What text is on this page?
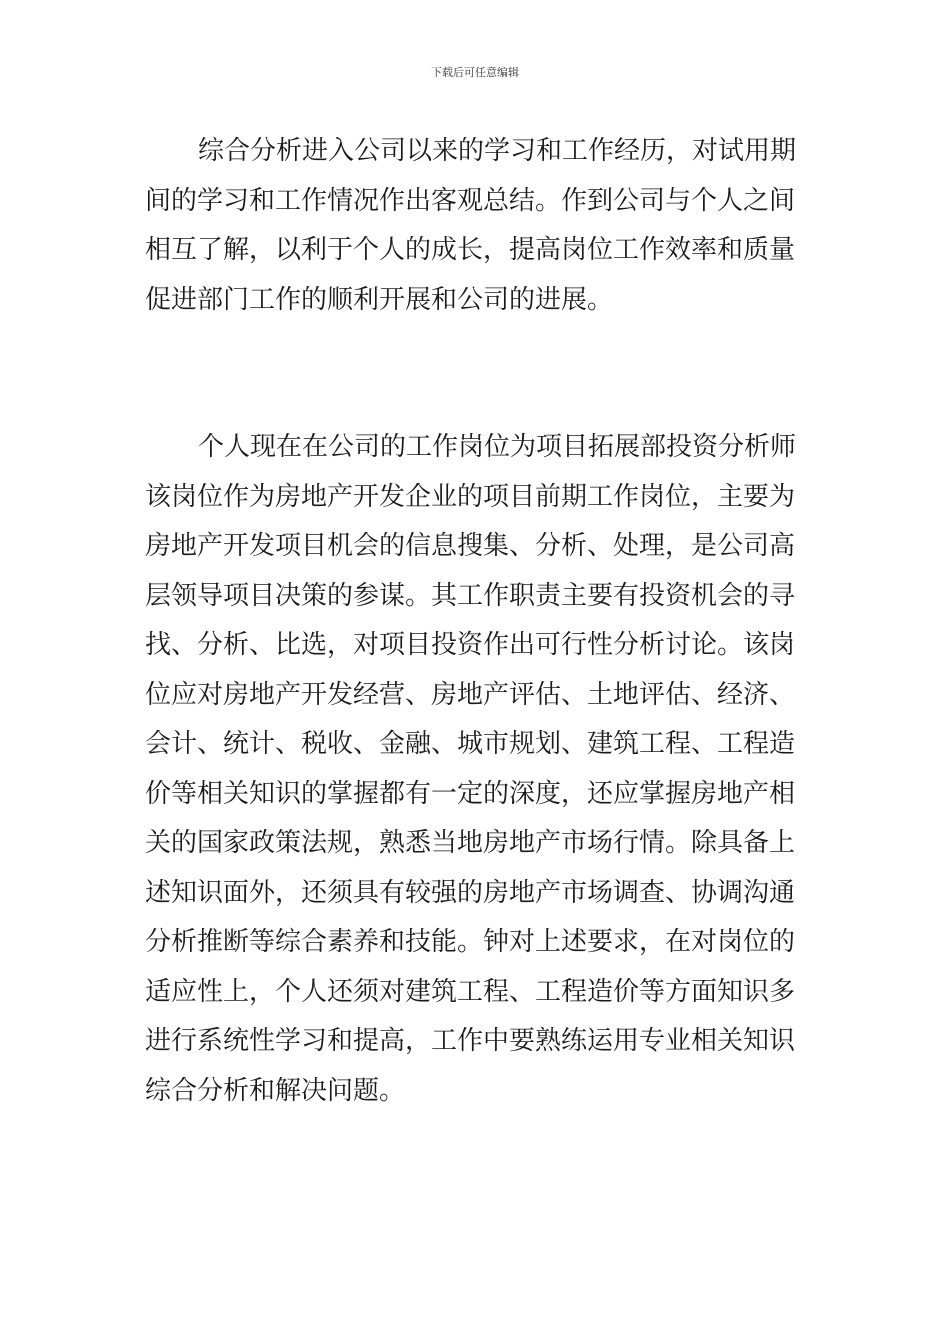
下载后可任意编辑
综合分析进入公司以来的学习和工作经历，对试用期
间的学习和工作情况作出客观总结。作到公司与个人之间
相互了解，以利于个人的成长，提高岗位工作效率和质量
促进部门工作的顺利开展和公司的进展。
个人现在在公司的工作岗位为项目拓展部投资分析师
该岗位作为房地产开发企业的项目前期工作岗位，主要为
房地产开发项目机会的信息搜集、分析、处理，是公司高
层领导项目决策的参谋。其工作职责主要有投资机会的寻
找、分析、比选，对项目投资作出可行性分析讨论。该岗
位应对房地产开发经营、房地产评估、土地评估、经济、
会计、统计、税收、金融、城市规划、建筑工程、工程造
价等相关知识的掌握都有一定的深度，还应掌握房地产相
关的国家政策法规，熟悉当地房地产市场行情。除具备上
述知识面外，还须具有较强的房地产市场调查、协调沟通
分析推断等综合素养和技能。钟对上述要求，在对岗位的
适应性上，个人还须对建筑工程、工程造价等方面知识多
进行系统性学习和提高，工作中要熟练运用专业相关知识
综合分析和解决问题。
